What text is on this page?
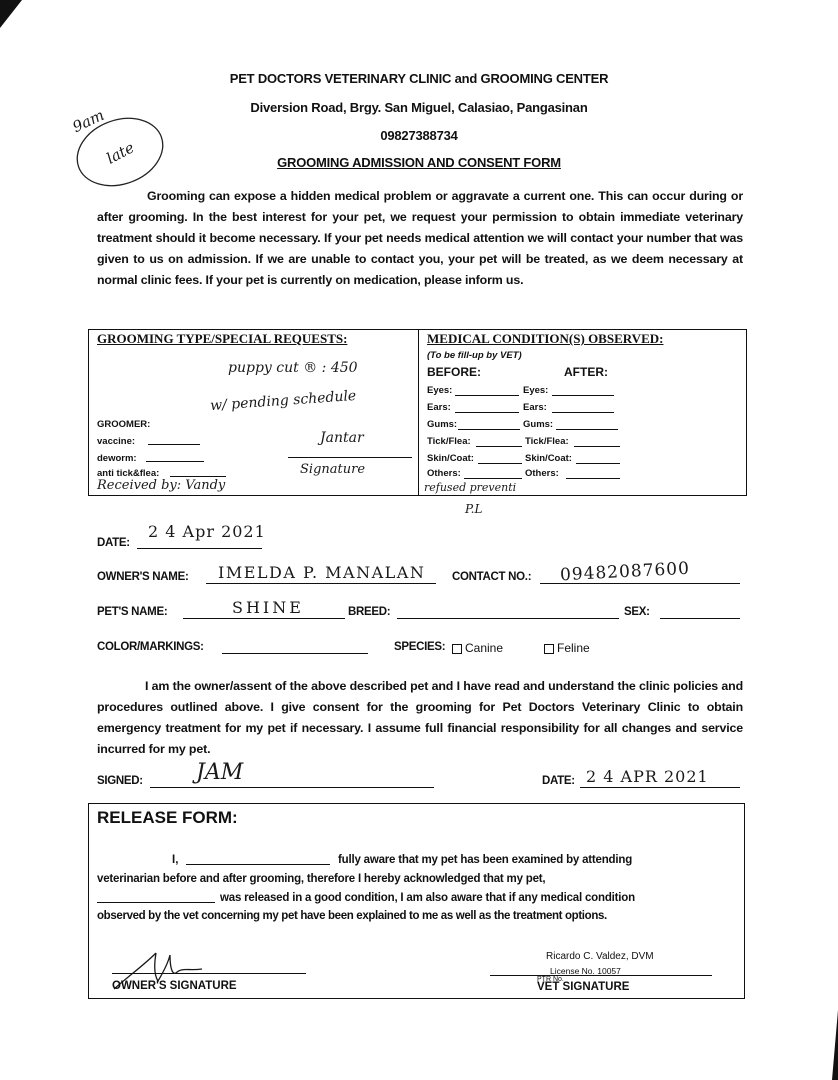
PET DOCTORS VETERINARY CLINIC and GROOMING CENTER
Diversion Road, Brgy. San Miguel, Calasiao, Pangasinan
09827388734
GROOMING ADMISSION AND CONSENT FORM
9am
late
Grooming can expose a hidden medical problem or aggravate a current one. This can occur during or after grooming. In the best interest for your pet, we request your permission to obtain immediate veterinary treatment should it become necessary. If your pet needs medical attention we will contact your number that was given to us on admission. If we are unable to contact you, your pet will be treated, as we deem necessary at normal clinic fees. If your pet is currently on medication, please inform us.
GROOMING TYPE/SPECIAL REQUESTS:
puppy cut ® : 450
w/ pending schedule
GROOMER:
vaccine:
deworm:
anti tick&flea:
Jantar
Signature
Received by: Vandy
MEDICAL CONDITION(S) OBSERVED:
(To be fill-up by VET)
BEFORE:	AFTER:
Eyes:	Eyes:
Ears:	Ears:
Gums:	Gums:
Tick/Flea:	Tick/Flea:
Skin/Coat:	Skin/Coat:
Others:	Others:
refused preventi
P.L
DATE:
2 4 Apr 2021
OWNER'S NAME: IMELDA P. MANALAN CONTACT NO.: 09482087600
PET'S NAME:	SHINE	BREED:	SEX:
COLOR/MARKINGS:	SPECIES: Canine	Feline
I am the owner/assent of the above described pet and I have read and understand the clinic policies and procedures outlined above. I give consent for the grooming for Pet Doctors Veterinary Clinic to obtain emergency treatment for my pet if necessary. I assume full financial responsibility for all changes and service incurred for my pet.
SIGNED: JAM	DATE: 2 4 APR 2021
RELEASE FORM:
I,	fully aware that my pet has been examined by attending
veterinarian before and after grooming, therefore I hereby acknowledged that my pet,
was released in a good condition, I am also aware that if any medical condition
observed by the vet concerning my pet have been explained to me as well as the treatment options.
OWNER'S SIGNATURE
Ricardo C. Valdez, DVM
License No. 10057
PTR No.
VET SIGNATURE
